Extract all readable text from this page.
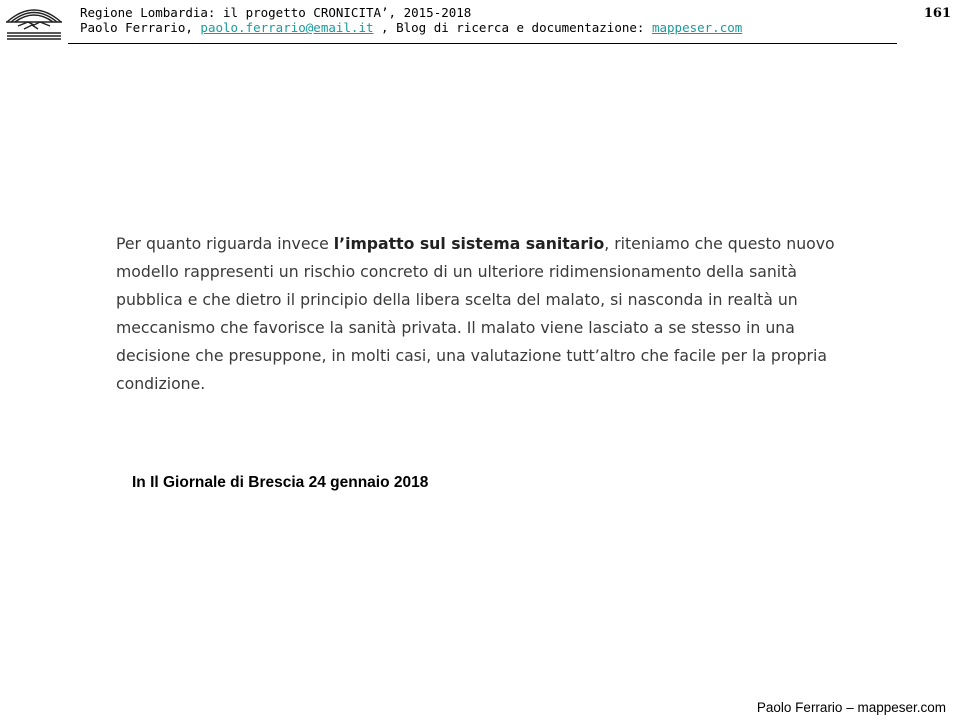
Regione Lombardia: il progetto CRONICITA’, 2015-2018
Paolo Ferrario, paolo.ferrario@email.it , Blog di ricerca e documentazione: mappeser.com
161
Per quanto riguarda invece l’impatto sul sistema sanitario, riteniamo che questo nuovo modello rappresenti un rischio concreto di un ulteriore ridimensionamento della sanità pubblica e che dietro il principio della libera scelta del malato, si nasconda in realtà un meccanismo che favorisce la sanità privata. Il malato viene lasciato a se stesso in una decisione che presuppone, in molti casi, una valutazione tutt’altro che facile per la propria condizione.
In Il Giornale di Brescia 24 gennaio 2018
Paolo Ferrario – mappeser.com
